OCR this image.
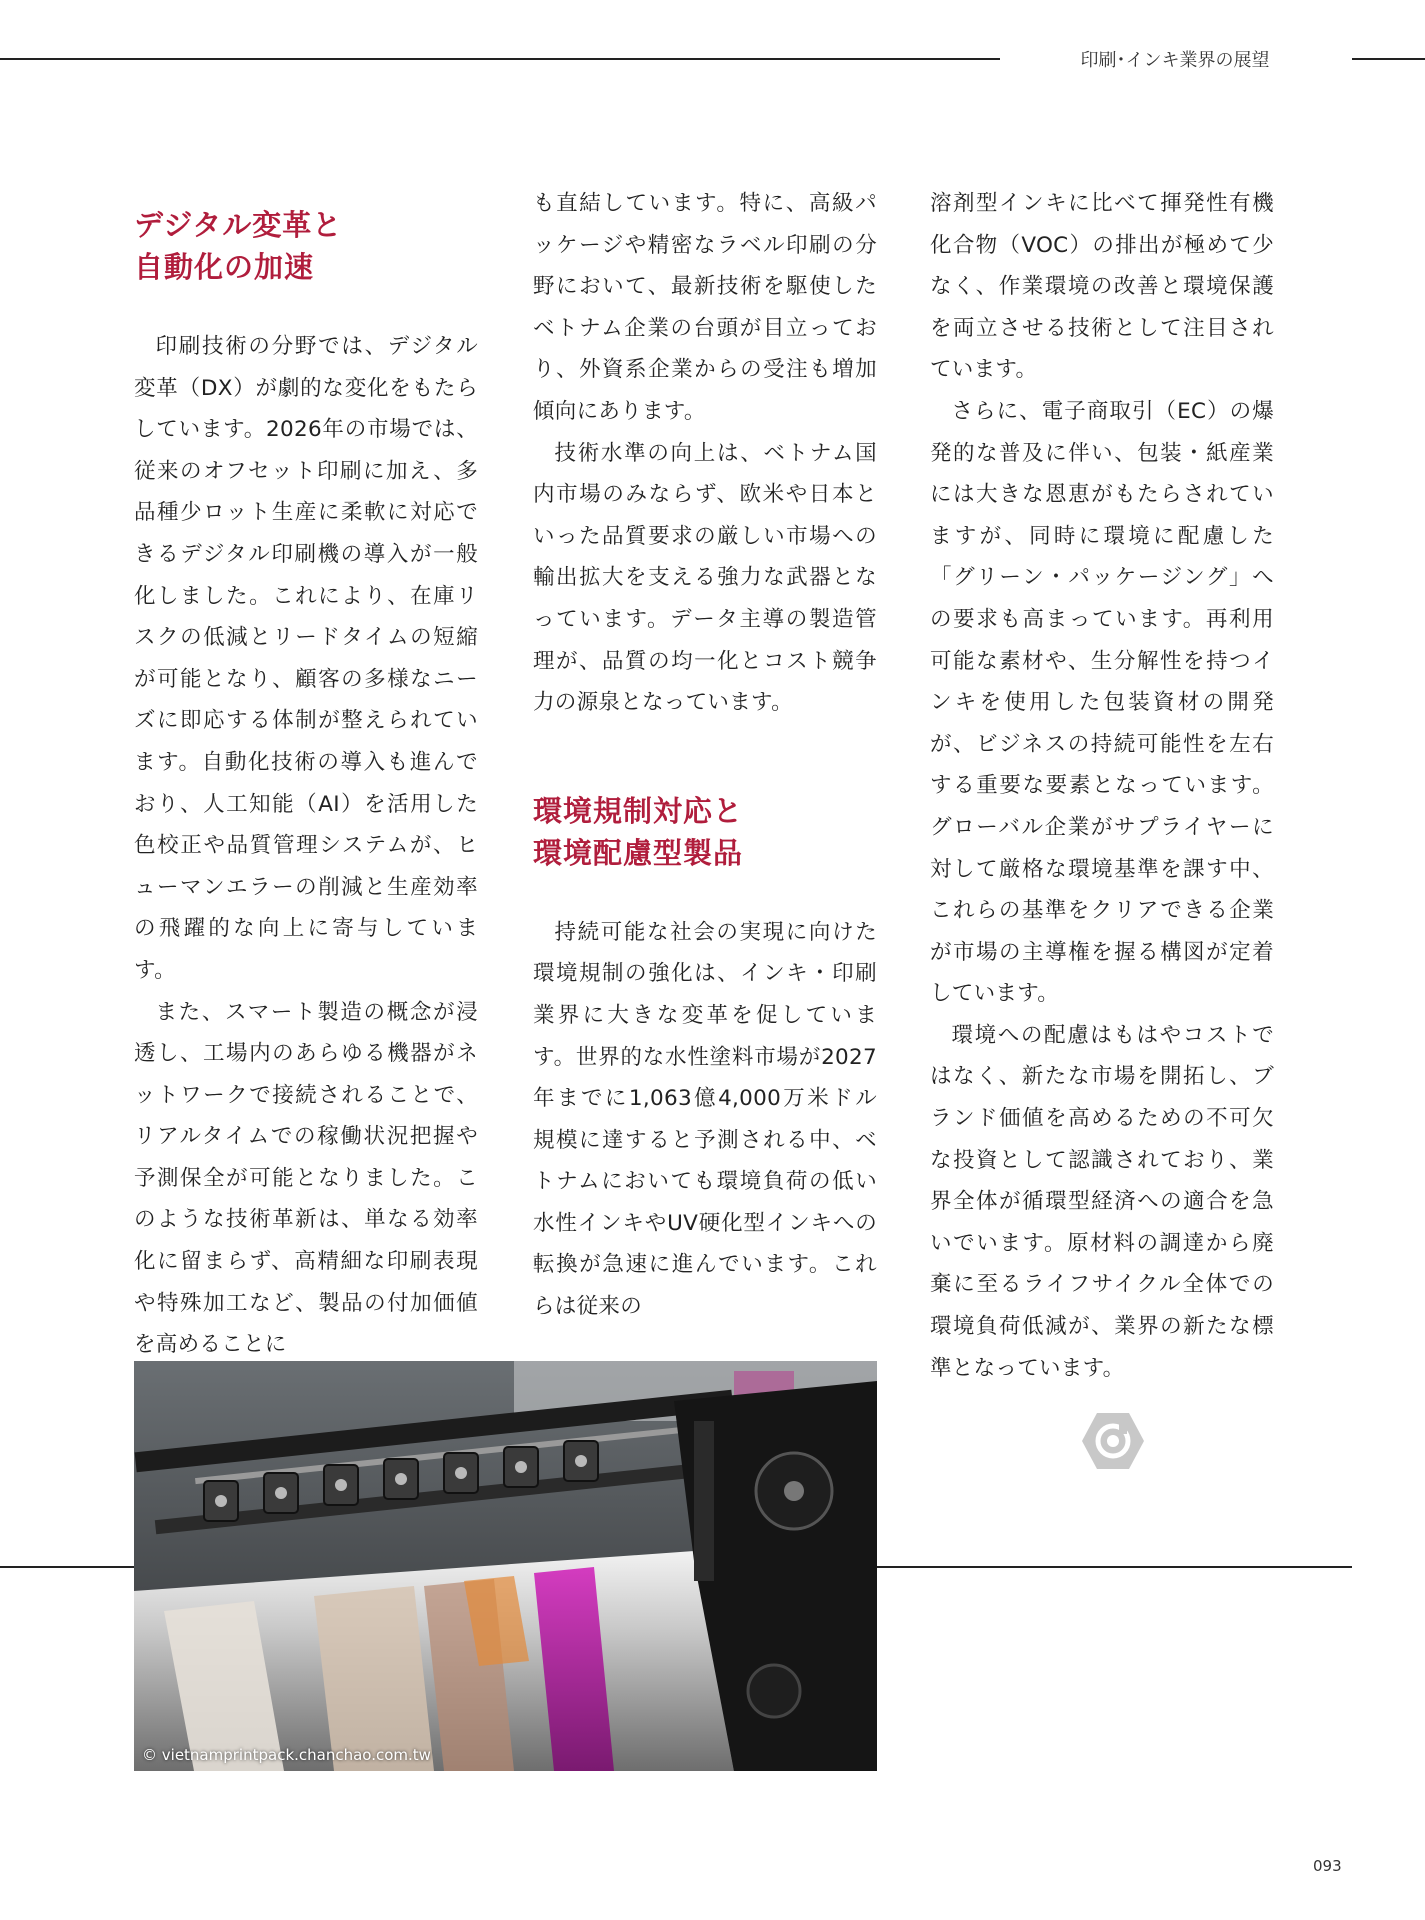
印刷･インキ業界の展望
デジタル変革と
自動化の加速

印刷技術の分野では、デジタル変革（DX）が劇的な変化をもたらしています。2026年の市場では、従来のオフセット印刷に加え、多品種少ロット生産に柔軟に対応できるデジタル印刷機の導入が一般化しました。これにより、在庫リスクの低減とリードタイムの短縮が可能となり、顧客の多様なニーズに即応する体制が整えられています。自動化技術の導入も進んでおり、人工知能（AI）を活用した色校正や品質管理システムが、ヒューマンエラーの削減と生産効率の飛躍的な向上に寄与しています。

また、スマート製造の概念が浸透し、工場内のあらゆる機器がネットワークで接続されることで、リアルタイムでの稼働状況把握や予測保全が可能となりました。このような技術革新は、単なる効率化に留まらず、高精細な印刷表現や特殊加工など、製品の付加価値を高めることに

も直結しています。特に、高級パッケージや精密なラベル印刷の分野において、最新技術を駆使したベトナム企業の台頭が目立っており、外資系企業からの受注も増加傾向にあります。

技術水準の向上は、ベトナム国内市場のみならず、欧米や日本といった品質要求の厳しい市場への輸出拡大を支える強力な武器となっています。データ主導の製造管理が、品質の均一化とコスト競争力の源泉となっています。

環境規制対応と
環境配慮型製品

持続可能な社会の実現に向けた環境規制の強化は、インキ・印刷業界に大きな変革を促しています。世界的な水性塗料市場が2027年までに1,063億4,000万米ドル規模に達すると予測される中、ベトナムにおいても環境負荷の低い水性インキやUV硬化型インキへの転換が急速に進んでいます。これらは従来の

溶剤型インキに比べて揮発性有機化合物（VOC）の排出が極めて少なく、作業環境の改善と環境保護を両立させる技術として注目されています。

さらに、電子商取引（EC）の爆発的な普及に伴い、包装・紙産業には大きな恩恵がもたらされていますが、同時に環境に配慮した「グリーン・パッケージング」への要求も高まっています。再利用可能な素材や、生分解性を持つインキを使用した包装資材の開発が、ビジネスの持続可能性を左右する重要な要素となっています。グローバル企業がサプライヤーに対して厳格な環境基準を課す中、これらの基準をクリアできる企業が市場の主導権を握る構図が定着しています。

環境への配慮はもはやコストではなく、新たな市場を開拓し、ブランド価値を高めるための不可欠な投資として認識されており、業界全体が循環型経済への適合を急いでいます。原材料の調達から廃棄に至るライフサイクル全体での環境負荷低減が、業界の新たな標準となっています。

© vietnamprintpack.chanchao.com.tw
093
